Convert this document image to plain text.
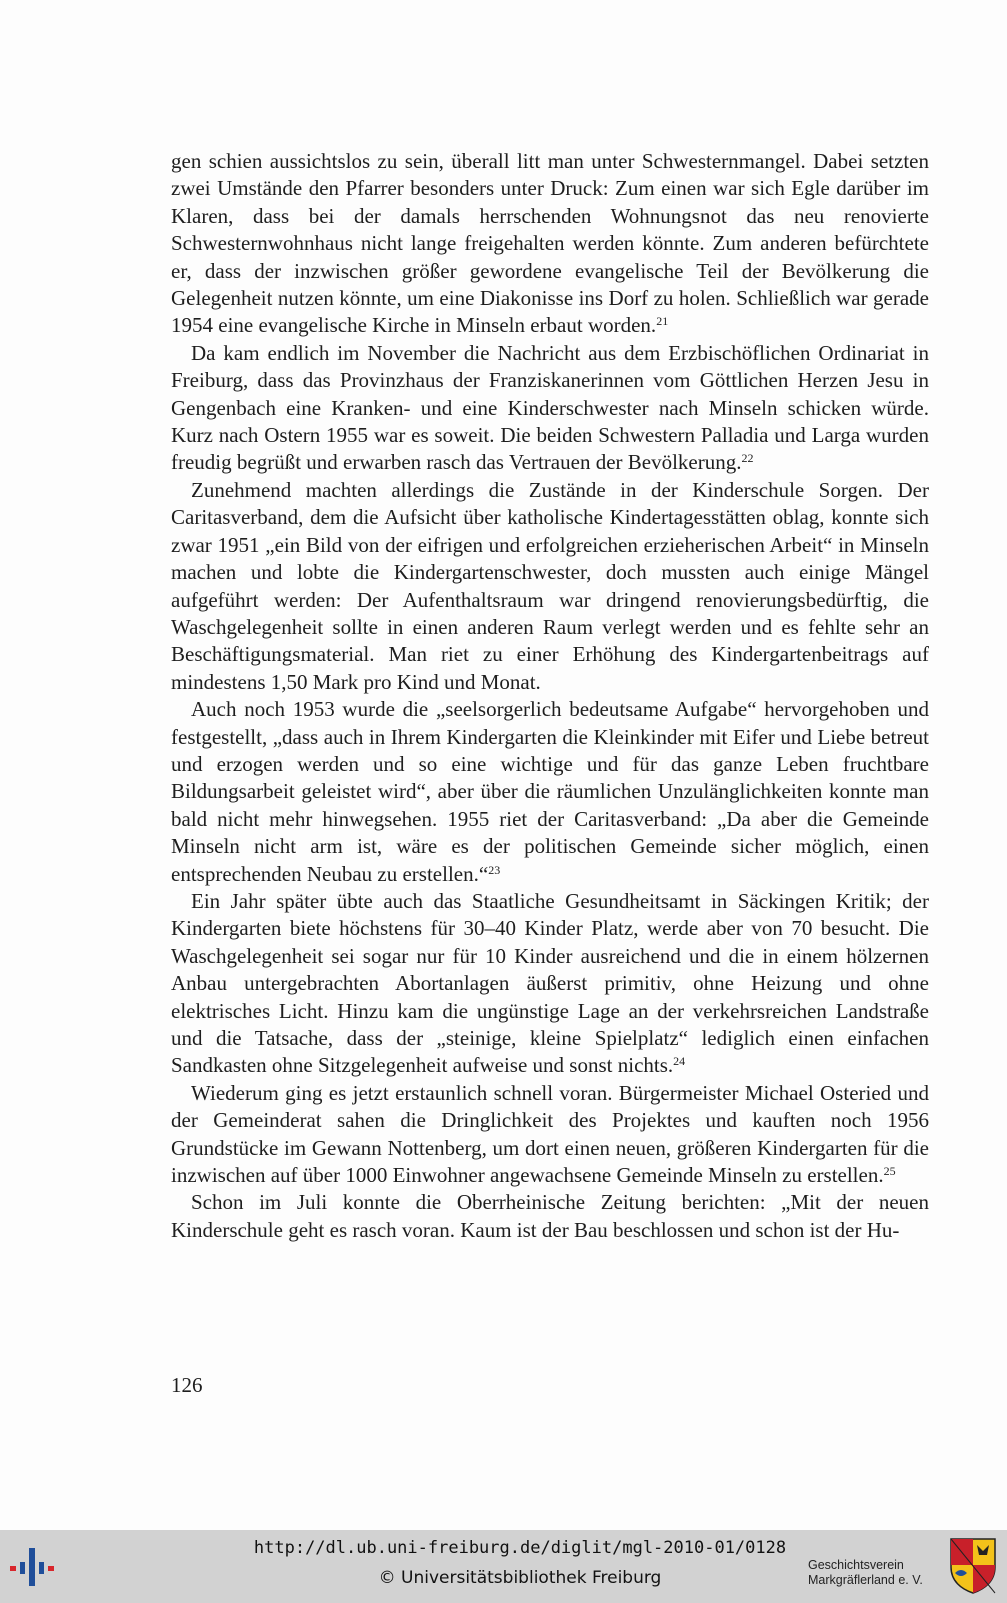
gen schien aussichtslos zu sein, überall litt man unter Schwesternmangel. Dabei setzten zwei Umstände den Pfarrer besonders unter Druck: Zum einen war sich Egle darüber im Klaren, dass bei der damals herrschenden Wohnungsnot das neu renovierte Schwesternwohnhaus nicht lange freigehalten werden könnte. Zum anderen befürchtete er, dass der inzwischen größer gewordene evangelische Teil der Bevölkerung die Gelegenheit nutzen könnte, um eine Diakonisse ins Dorf zu holen. Schließlich war gerade 1954 eine evangelische Kirche in Minseln erbaut worden.$^{21}$

Da kam endlich im November die Nachricht aus dem Erzbischöflichen Ordinariat in Freiburg, dass das Provinzhaus der Franziskanerinnen vom Göttlichen Herzen Jesu in Gengenbach eine Kranken- und eine Kinderschwester nach Minseln schicken würde. Kurz nach Ostern 1955 war es soweit. Die beiden Schwestern Palladia und Larga wurden freudig begrüßt und erwarben rasch das Vertrauen der Bevölkerung.$^{22}$

Zunehmend machten allerdings die Zustände in der Kinderschule Sorgen. Der Caritasverband, dem die Aufsicht über katholische Kindertagesstätten oblag, konnte sich zwar 1951 „ein Bild von der eifrigen und erfolgreichen erzieherischen Arbeit“ in Minseln machen und lobte die Kindergartenschwester, doch mussten auch einige Mängel aufgeführt werden: Der Aufenthaltsraum war dringend renovierungsbedürftig, die Waschgelegenheit sollte in einen anderen Raum verlegt werden und es fehlte sehr an Beschäftigungsmaterial. Man riet zu einer Erhöhung des Kindergartenbeitrags auf mindestens 1,50 Mark pro Kind und Monat.

Auch noch 1953 wurde die „seelsorgerlich bedeutsame Aufgabe“ hervorgehoben und festgestellt, „dass auch in Ihrem Kindergarten die Kleinkinder mit Eifer und Liebe betreut und erzogen werden und so eine wichtige und für das ganze Leben fruchtbare Bildungsarbeit geleistet wird“, aber über die räumlichen Unzulänglichkeiten konnte man bald nicht mehr hinwegsehen. 1955 riet der Caritasverband: „Da aber die Gemeinde Minseln nicht arm ist, wäre es der politischen Gemeinde sicher möglich, einen entsprechenden Neubau zu erstellen.“$^{23}$

Ein Jahr später übte auch das Staatliche Gesundheitsamt in Säckingen Kritik; der Kindergarten biete höchstens für 30–40 Kinder Platz, werde aber von 70 besucht. Die Waschgelegenheit sei sogar nur für 10 Kinder ausreichend und die in einem hölzernen Anbau untergebrachten Abortanlagen äußerst primitiv, ohne Heizung und ohne elektrisches Licht. Hinzu kam die ungünstige Lage an der verkehrsreichen Landstraße und die Tatsache, dass der „steinige, kleine Spielplatz“ lediglich einen einfachen Sandkasten ohne Sitzgelegenheit aufweise und sonst nichts.$^{24}$

Wiederum ging es jetzt erstaunlich schnell voran. Bürgermeister Michael Osteried und der Gemeinderat sahen die Dringlichkeit des Projektes und kauften noch 1956 Grundstücke im Gewann Nottenberg, um dort einen neuen, größeren Kindergarten für die inzwischen auf über 1000 Einwohner angewachsene Gemeinde Minseln zu erstellen.$^{25}$

Schon im Juli konnte die Oberrheinische Zeitung berichten: „Mit der neuen Kinderschule geht es rasch voran. Kaum ist der Bau beschlossen und schon ist der Hu-

126
http://dl.ub.uni-freiburg.de/diglit/mgl-2010-01/0128
© Universitätsbibliothek Freiburg
Geschichtsverein
Markgräflerland e. V.
